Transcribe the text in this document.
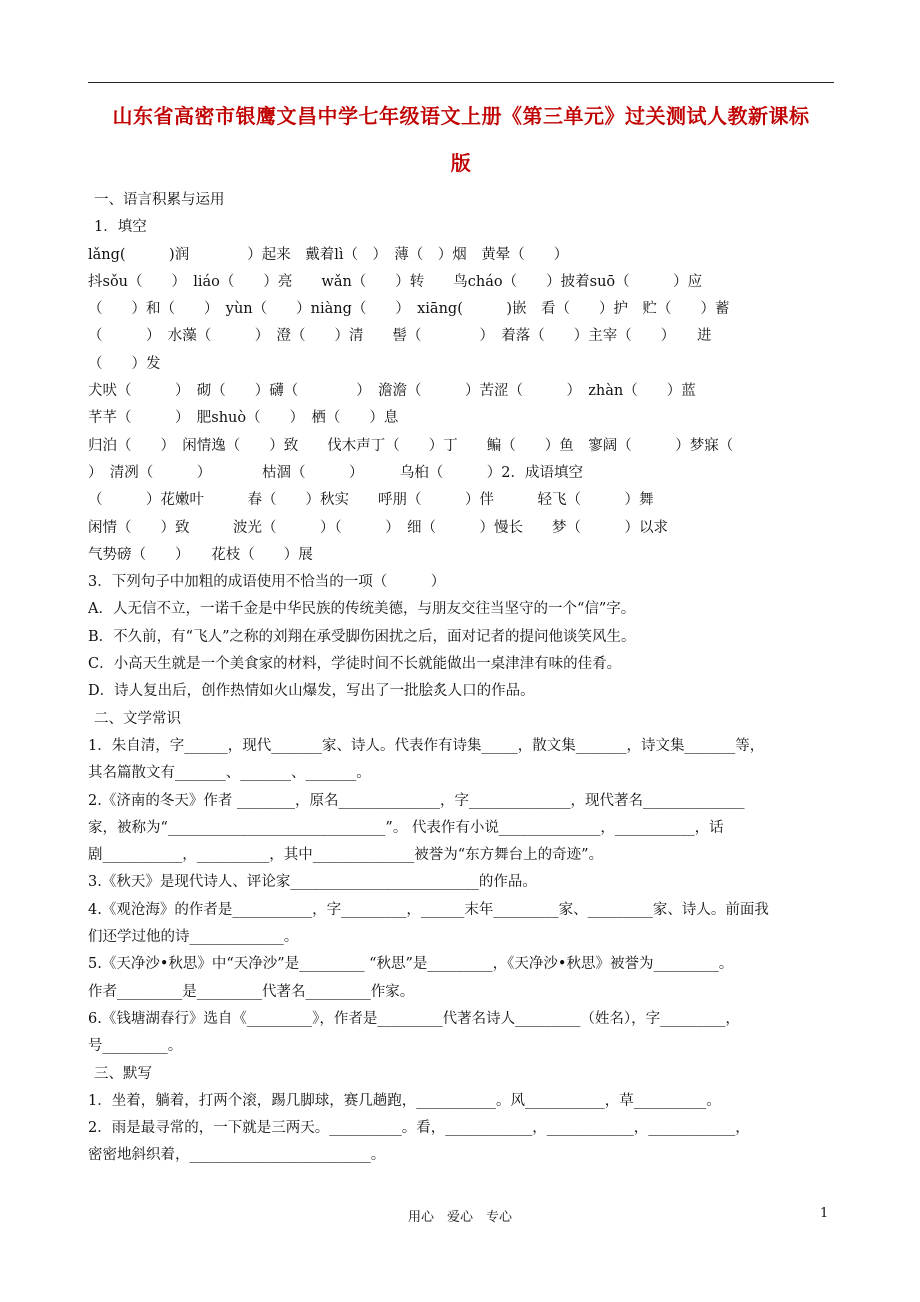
山东省高密市银鹰文昌中学七年级语文上册《第三单元》过关测试人教新课标
版
一、语言积累与运用
1．填空
lǎng(　　　)润　　　　）起来　戴着lì（　）　薄（　）烟　黄晕（　　）
抖sǒu（　　）　liáo（　　）亮　　wǎn（　　）转　　鸟cháo（　　）披着suō（　　　）应
（　　）和（　　）　yùn（　　）niàng（　　）　xiāng(　　　)嵌　看（　　）护　贮（　　）蓄
（　　　）　水藻（　　　）　澄（　　）清　　髻（　　　　）　着落（　　）主宰（　　）　　进
（　　）发
犬吠（　　　）　砌（　　）礴（　　　　）　澹澹（　　　）苦涩（　　　）　zhàn（　　）蓝
芊芊（　　　）　肥shuò（　　）　栖（　　）息
归泊（　　）　闲情逸（　　）致　　伐木声丁（　　）丁　　鳊（　　）鱼　寥阔（　　　）梦寐（
）　清冽（　　　）　　　　枯涸（　　　）　　　乌桕（　　　）2．成语填空
（　　　）花嫩叶　　　春（　　）秋实　　呼朋（　　　）伴　　　轻飞（　　　）舞
闲情（　　）致　　　波光（　　　）（　　　）　细（　　　）慢长　　梦（　　　）以求
气势磅（　　）　　花枝（　　）展
3．下列句子中加粗的成语使用不恰当的一项（　　　）
A．人无信不立，一诺千金是中华民族的传统美德，与朋友交往当坚守的一个“信”字。
B．不久前，有“飞人”之称的刘翔在承受脚伤困扰之后，面对记者的提问他谈笑风生。
C．小高天生就是一个美食家的材料，学徒时间不长就能做出一桌津津有味的佳肴。
D．诗人复出后，创作热情如火山爆发，写出了一批脍炙人口的作品。
二、文学常识
1．朱自清，字______，现代_______家、诗人。代表作有诗集_____，散文集_______，诗文集_______等，
其名篇散文有_______、_______、_______。
2.《济南的冬天》作者 ________，原名______________，字______________，现代著名______________
家，被称为“______________________________”。 代表作有小说______________，___________，话
剧___________，__________，其中______________被誉为“东方舞台上的奇迹”。
3.《秋天》是现代诗人、评论家__________________________的作品。
4.《观沧海》的作者是___________，字_________，______末年_________家、_________家、诗人。前面我
们还学过他的诗_____________。
5.《天净沙•秋思》中“天净沙”是_________ “秋思”是_________，《天净沙•秋思》被誉为_________。
作者_________是_________代著名_________作家。
6.《钱塘湖春行》选自《_________》，作者是_________代著名诗人_________（姓名），字_________，
号_________。
三、默写
1．坐着，躺着，打两个滚，踢几脚球，赛几趟跑，___________。风___________，草__________。
2．雨是最寻常的，一下就是三两天。__________。看，____________，____________，____________，
密密地斜织着，_________________________。
用心　爱心　专心	1
